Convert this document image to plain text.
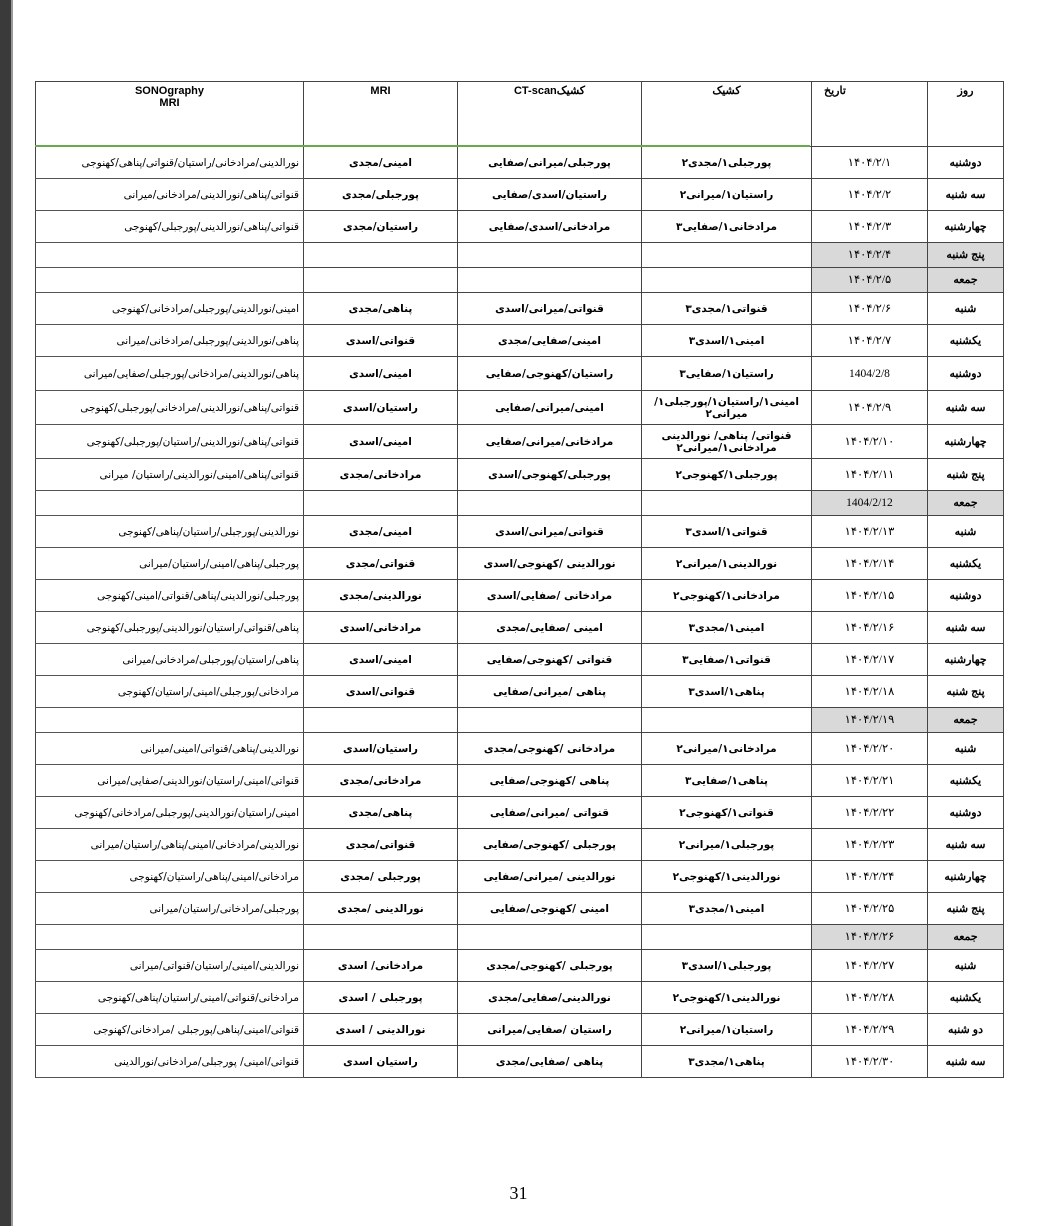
SONOgraphy
MRI	MRI	CT-scanکشیک	کشیک	تاریخ	روز

نورالدینی/مرادخانی/راستیان/قنواتی/پناهی/کهنوجی	امینی/مجدی	پورجبلی/میرانی/صفایی	پورجبلی۱/مجدی۲	۱۴۰۴/۲/۱	دوشنبه

قنواتی/پناهی/نورالدینی/مرادخانی/میرانی	پورجبلی/مجدی	راستیان/اسدی/صفایی	راستیان۱/میرانی۲	۱۴۰۴/۲/۲	سه شنبه

قنواتی/پناهی/نورالدینی/پورجبلی/کهنوجی	راستیان/مجدی	مرادخانی/اسدی/صفایی	مرادخانی۱/صفایی۳	۱۴۰۴/۲/۳	چهارشنبه

				۱۴۰۴/۲/۴	پنج شنبه

				۱۴۰۴/۲/۵	جمعه

امینی/نورالدینی/پورجبلی/مرادخانی/کهنوجی	پناهی/مجدی	قنواتی/میرانی/اسدی	قنواتی۱/مجدی۳	۱۴۰۴/۲/۶	شنبه

پناهی/نورالدینی/پورجبلی/مرادخانی/میرانی	قنواتی/اسدی	امینی/صفایی/مجدی	امینی۱/اسدی۳	۱۴۰۴/۲/۷	یکشنبه

پناهی/نورالدینی/مرادخانی/پورجبلی/صفایی/میرانی	امینی/اسدی	راستیان/کهنوجی/صفایی	راستیان۱/صفایی۳	1404/2/8	دوشنبه

قنواتی/پناهی/نورالدینی/مرادخانی/پورجبلی/کهنوجی	راستیان/اسدی	امینی/میرانی/صفایی	امینی۱/راستیان۱/پورجبلی۱/میرانی۲	۱۴۰۴/۲/۹	سه شنبه

قنواتی/پناهی/نورالدینی/راستیان/پورجبلی/کهنوجی	امینی/اسدی	مرادخانی/میرانی/صفایی	قنواتی/ پناهی/ نورالدینی مرادخانی۱/میرانی۲	۱۴۰۴/۲/۱۰	چهارشنبه

قنواتی/پناهی/امینی/نورالدینی/راستیان/ میرانی	مرادخانی/مجدی	پورجبلی/کهنوجی/اسدی	پورجبلی۱/کهنوجی۲	۱۴۰۴/۲/۱۱	پنج شنبه

				1404/2/12	جمعه

نورالدینی/پورجبلی/راستیان/پناهی/کهنوجی	امینی/مجدی	قنواتی/میرانی/اسدی	قنواتی۱/اسدی۳	۱۴۰۴/۲/۱۳	شنبه

پورجبلی/پناهی/امینی/راستیان/میرانی	قنواتی/مجدی	نورالدینی /کهنوجی/اسدی	نورالدینی۱/میرانی۲	۱۴۰۴/۲/۱۴	یکشنبه

پورجبلی/نورالدینی/پناهی/قنواتی/امینی/کهنوجی	نورالدینی/مجدی	مرادخانی /صفایی/اسدی	مرادخانی۱/کهنوجی۲	۱۴۰۴/۲/۱۵	دوشنبه

پناهی/قنواتی/راستیان/نورالدینی/پورجبلی/کهنوجی	مرادخانی/اسدی	امینی /صفایی/مجدی	امینی۱/مجدی۳	۱۴۰۴/۲/۱۶	سه شنبه

پناهی/راستیان/پورجبلی/مرادخانی/میرانی	امینی/اسدی	قنواتی /کهنوجی/صفایی	قنواتی۱/صفایی۳	۱۴۰۴/۲/۱۷	چهارشنبه

مرادخانی/پورجبلی/امینی/راستیان/کهنوجی	قنواتی/اسدی	پناهی /میرانی/صفایی	پناهی۱/اسدی۳	۱۴۰۴/۲/۱۸	پنج شنبه

				۱۴۰۴/۲/۱۹	جمعه

نورالدینی/پناهی/قنواتی/امینی/میرانی	راستیان/اسدی	مرادخانی /کهنوجی/مجدی	مرادخانی۱/میرانی۲	۱۴۰۴/۲/۲۰	شنبه

قنواتی/امینی/راستیان/نورالدینی/صفایی/میرانی	مرادخانی/مجدی	پناهی /کهنوجی/صفایی	پناهی۱/صفایی۳	۱۴۰۴/۲/۲۱	یکشنبه

امینی/راستیان/نورالدینی/پورجبلی/مرادخانی/کهنوجی	پناهی/مجدی	قنواتی /میرانی/صفایی	قنواتی۱/کهنوجی۲	۱۴۰۴/۲/۲۲	دوشنبه

نورالدینی/مرادخانی/امینی/پناهی/راستیان/میرانی	قنواتی/مجدی	پورجبلی /کهنوجی/صفایی	پورجبلی۱/میرانی۲	۱۴۰۴/۲/۲۳	سه شنبه

مرادخانی/امینی/پناهی/راستیان/کهنوجی	پورجبلی /مجدی	نورالدینی /میرانی/صفایی	نورالدینی۱/کهنوجی۲	۱۴۰۴/۲/۲۴	چهارشنبه

پورجبلی/مرادخانی/راستیان/میرانی	نورالدینی /مجدی	امینی /کهنوجی/صفایی	امینی۱/مجدی۳	۱۴۰۴/۲/۲۵	پنج شنبه

				۱۴۰۴/۲/۲۶	جمعه

نورالدینی/امینی/راستیان/قنواتی/میرانی	مرادخانی/ اسدی	پورجبلی /کهنوجی/مجدی	پورجبلی۱/اسدی۳	۱۴۰۴/۲/۲۷	شنبه

مرادخانی/قنواتی/امینی/راستیان/پناهی/کهنوجی	پورجبلی / اسدی	نورالدینی/صفایی/مجدی	نورالدینی۱/کهنوجی۲	۱۴۰۴/۲/۲۸	یکشنبه

قنواتی/امینی/پناهی/پورجبلی /مرادخانی/کهنوجی	نورالدینی / اسدی	راستیان /صفایی/میرانی	راستیان۱/میرانی۲	۱۴۰۴/۲/۲۹	دو شنبه

قنواتی/امینی/ پورجبلی/مرادخانی/نورالدینی	راستیان اسدی	پناهی /صفایی/مجدی	پناهی۱/مجدی۳	۱۴۰۴/۲/۳۰	سه شنبه
31
